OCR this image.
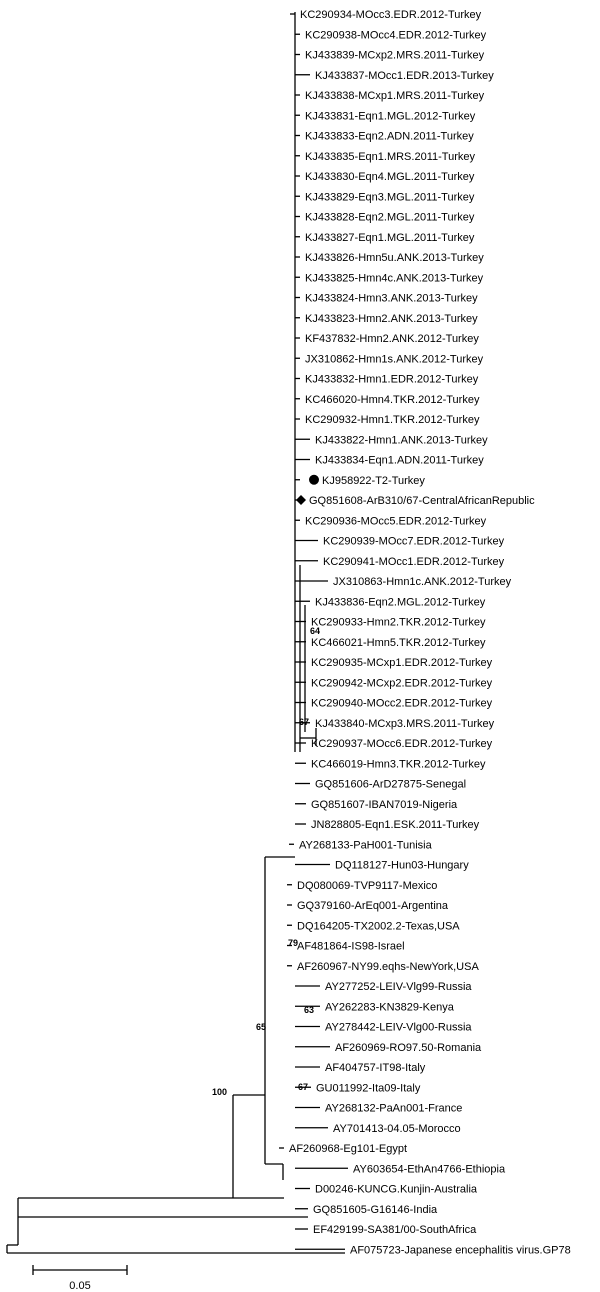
KC290934-MOcc3.EDR.2012-Turkey
KC290938-MOcc4.EDR.2012-Turkey
KJ433839-MCxp2.MRS.2011-Turkey
KJ433837-MOcc1.EDR.2013-Turkey
KJ433838-MCxp1.MRS.2011-Turkey
KJ433831-Eqn1.MGL.2012-Turkey
KJ433833-Eqn2.ADN.2011-Turkey
KJ433835-Eqn1.MRS.2011-Turkey
KJ433830-Eqn4.MGL.2011-Turkey
KJ433829-Eqn3.MGL.2011-Turkey
KJ433828-Eqn2.MGL.2011-Turkey
KJ433827-Eqn1.MGL.2011-Turkey
KJ433826-Hmn5u.ANK.2013-Turkey
KJ433825-Hmn4c.ANK.2013-Turkey
KJ433824-Hmn3.ANK.2013-Turkey
KJ433823-Hmn2.ANK.2013-Turkey
KF437832-Hmn2.ANK.2012-Turkey
JX310862-Hmn1s.ANK.2012-Turkey
KJ433832-Hmn1.EDR.2012-Turkey
KC466020-Hmn4.TKR.2012-Turkey
KC290932-Hmn1.TKR.2012-Turkey
KJ433822-Hmn1.ANK.2013-Turkey
KJ433834-Eqn1.ADN.2011-Turkey
KJ958922-T2-Turkey
GQ851608-ArB310/67-CentralAfricanRepublic
KC290936-MOcc5.EDR.2012-Turkey
KC290939-MOcc7.EDR.2012-Turkey
KC290941-MOcc1.EDR.2012-Turkey
JX310863-Hmn1c.ANK.2012-Turkey
KJ433836-Eqn2.MGL.2012-Turkey
KC290933-Hmn2.TKR.2012-Turkey
KC466021-Hmn5.TKR.2012-Turkey
KC290935-MCxp1.EDR.2012-Turkey
KC290942-MCxp2.EDR.2012-Turkey
KC290940-MOcc2.EDR.2012-Turkey
KJ433840-MCxp3.MRS.2011-Turkey
KC290937-MOcc6.EDR.2012-Turkey
KC466019-Hmn3.TKR.2012-Turkey
GQ851606-ArD27875-Senegal
GQ851607-IBAN7019-Nigeria
JN828805-Eqn1.ESK.2011-Turkey
AY268133-PaH001-Tunisia
DQ118127-Hun03-Hungary
DQ080069-TVP9117-Mexico
GQ379160-ArEq001-Argentina
DQ164205-TX2002.2-Texas,USA
AF481864-IS98-Israel
AF260967-NY99.eqhs-NewYork,USA
AY277252-LEIV-Vlg99-Russia
AY262283-KN3829-Kenya
AY278442-LEIV-Vlg00-Russia
AF260969-RO97.50-Romania
AF404757-IT98-Italy
GU011992-Ita09-Italy
AY268132-PaAn001-France
AY701413-04.05-Morocco
AF260968-Eg101-Egypt
AY603654-EthAn4766-Ethiopia
D00246-KUNCG.Kunjin-Australia
GQ851605-G16146-India
EF429199-SA381/00-SouthAfrica
AF075723-Japanese encephalitis virus.GP78
100
65
79
63
67
67
64
0.05
